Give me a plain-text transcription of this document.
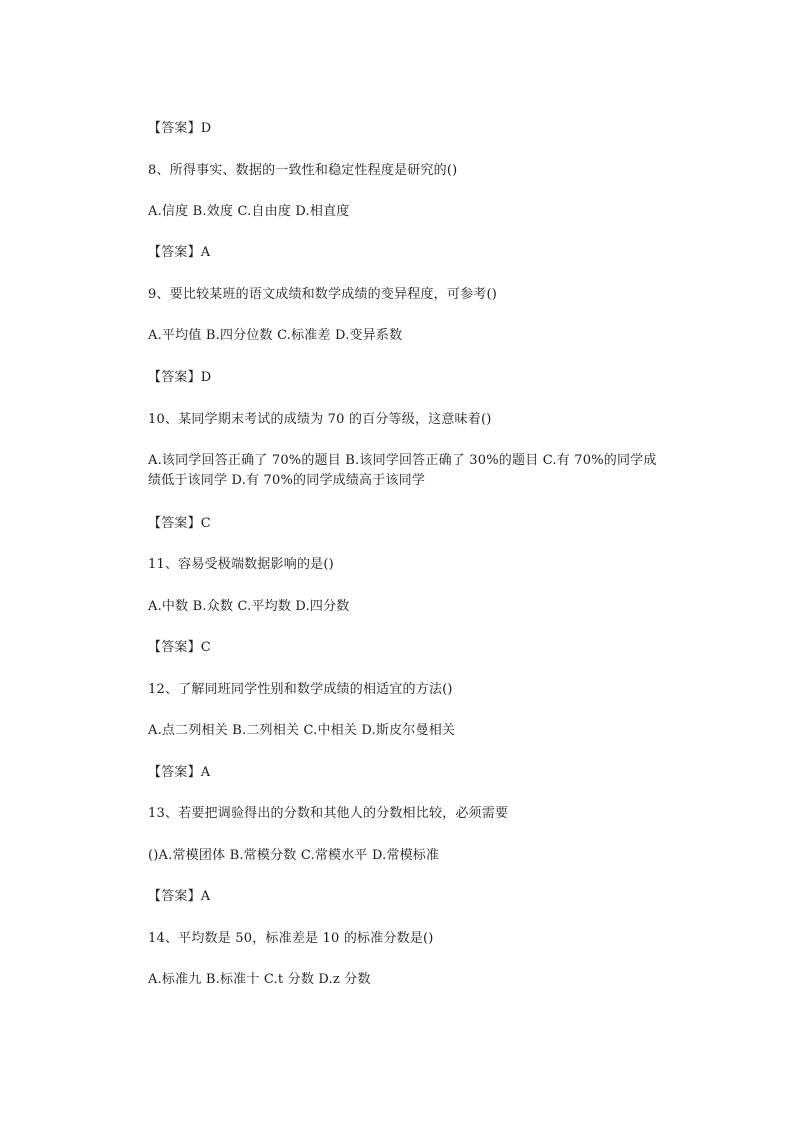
【答案】D
8、所得事实、数据的一致性和稳定性程度是研究的()
A.信度 B.效度 C.自由度 D.相直度
【答案】A
9、要比较某班的语文成绩和数学成绩的变异程度，可参考()
A.平均值 B.四分位数 C.标准差 D.变异系数
【答案】D
10、某同学期末考试的成绩为 70 的百分等级，这意味着()
A.该同学回答正确了 70%的题目 B.该同学回答正确了 30%的题目 C.有 70%的同学成绩低于该同学 D.有 70%的同学成绩高于该同学
【答案】C
11、容易受极端数据影响的是()
A.中数 B.众数 C.平均数 D.四分数
【答案】C
12、了解同班同学性别和数学成绩的相适宜的方法()
A.点二列相关 B.二列相关 C.中相关 D.斯皮尔曼相关
【答案】A
13、若要把调验得出的分数和其他人的分数相比较，必须需要
()A.常模团体 B.常模分数 C.常模水平 D.常模标准
【答案】A
14、平均数是 50，标准差是 10 的标准分数是()
A.标准九 B.标准十 C.t 分数 D.z 分数
